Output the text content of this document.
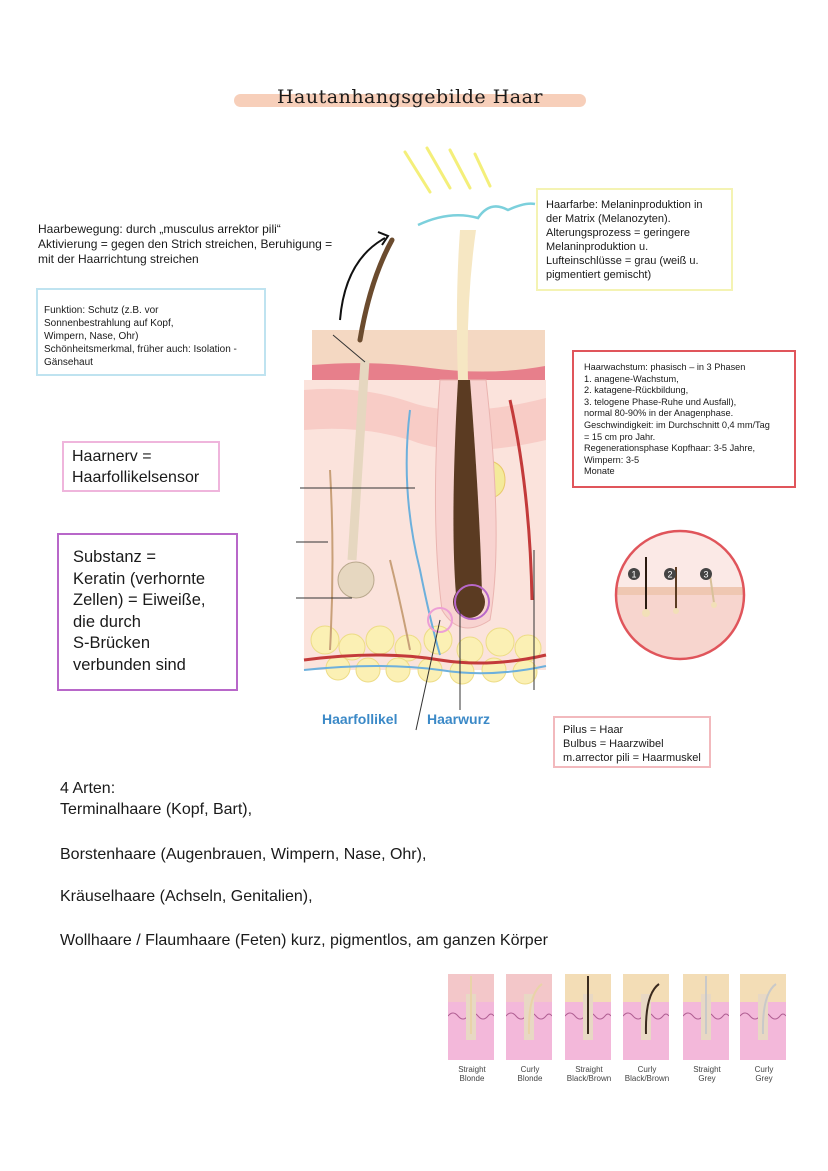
Hautanhangsgebilde Haar
Haarbewegung: durch „musculus arrektor pili“
Aktivierung = gegen den Strich streichen, Beruhigung =
mit der Haarrichtung streichen
Funktion: Schutz (z.B. vor
Sonnenbestrahlung auf Kopf,
Wimpern, Nase, Ohr)
Schönheitsmerkmal, früher auch: Isolation -
Gänsehaut
Haarfarbe: Melaninproduktion in
der Matrix (Melanozyten).
Alterungsprozess = geringere
Melaninproduktion u.
Lufteinschlüsse = grau (weiß u.
pigmentiert gemischt)
Haarwachstum: phasisch – in 3 Phasen
1. anagene-Wachstum,
2. katagene-Rückbildung,
3. telogene Phase-Ruhe und Ausfall),
normal 80-90% in der Anagenphase.
Geschwindigkeit: im Durchschnitt 0,4 mm/Tag
= 15 cm pro Jahr.
Regenerationsphase Kopfhaar: 3-5 Jahre,
Wimpern: 3-5
Monate
Haarnerv =
Haarfollikelsensor
Substanz =
Keratin (verhornte
Zellen) = Eiweiße,
die durch
S-Brücken
verbunden sind
Haarfollikel Haarwurz
1	2	3
Pilus = Haar
Bulbus = Haarzwibel
m.arrector pili = Haarmuskel
4 Arten:
Terminalhaare (Kopf, Bart),
Borstenhaare (Augenbrauen, Wimpern, Nase, Ohr),
Kräuselhaare (Achseln, Genitalien),
Wollhaare / Flaumhaare (Feten) kurz, pigmentlos, am ganzen Körper
Straight
Blonde
Curly
Blonde
Straight
Black/Brown
Curly
Black/Brown
Straight
Grey
Curly
Grey
